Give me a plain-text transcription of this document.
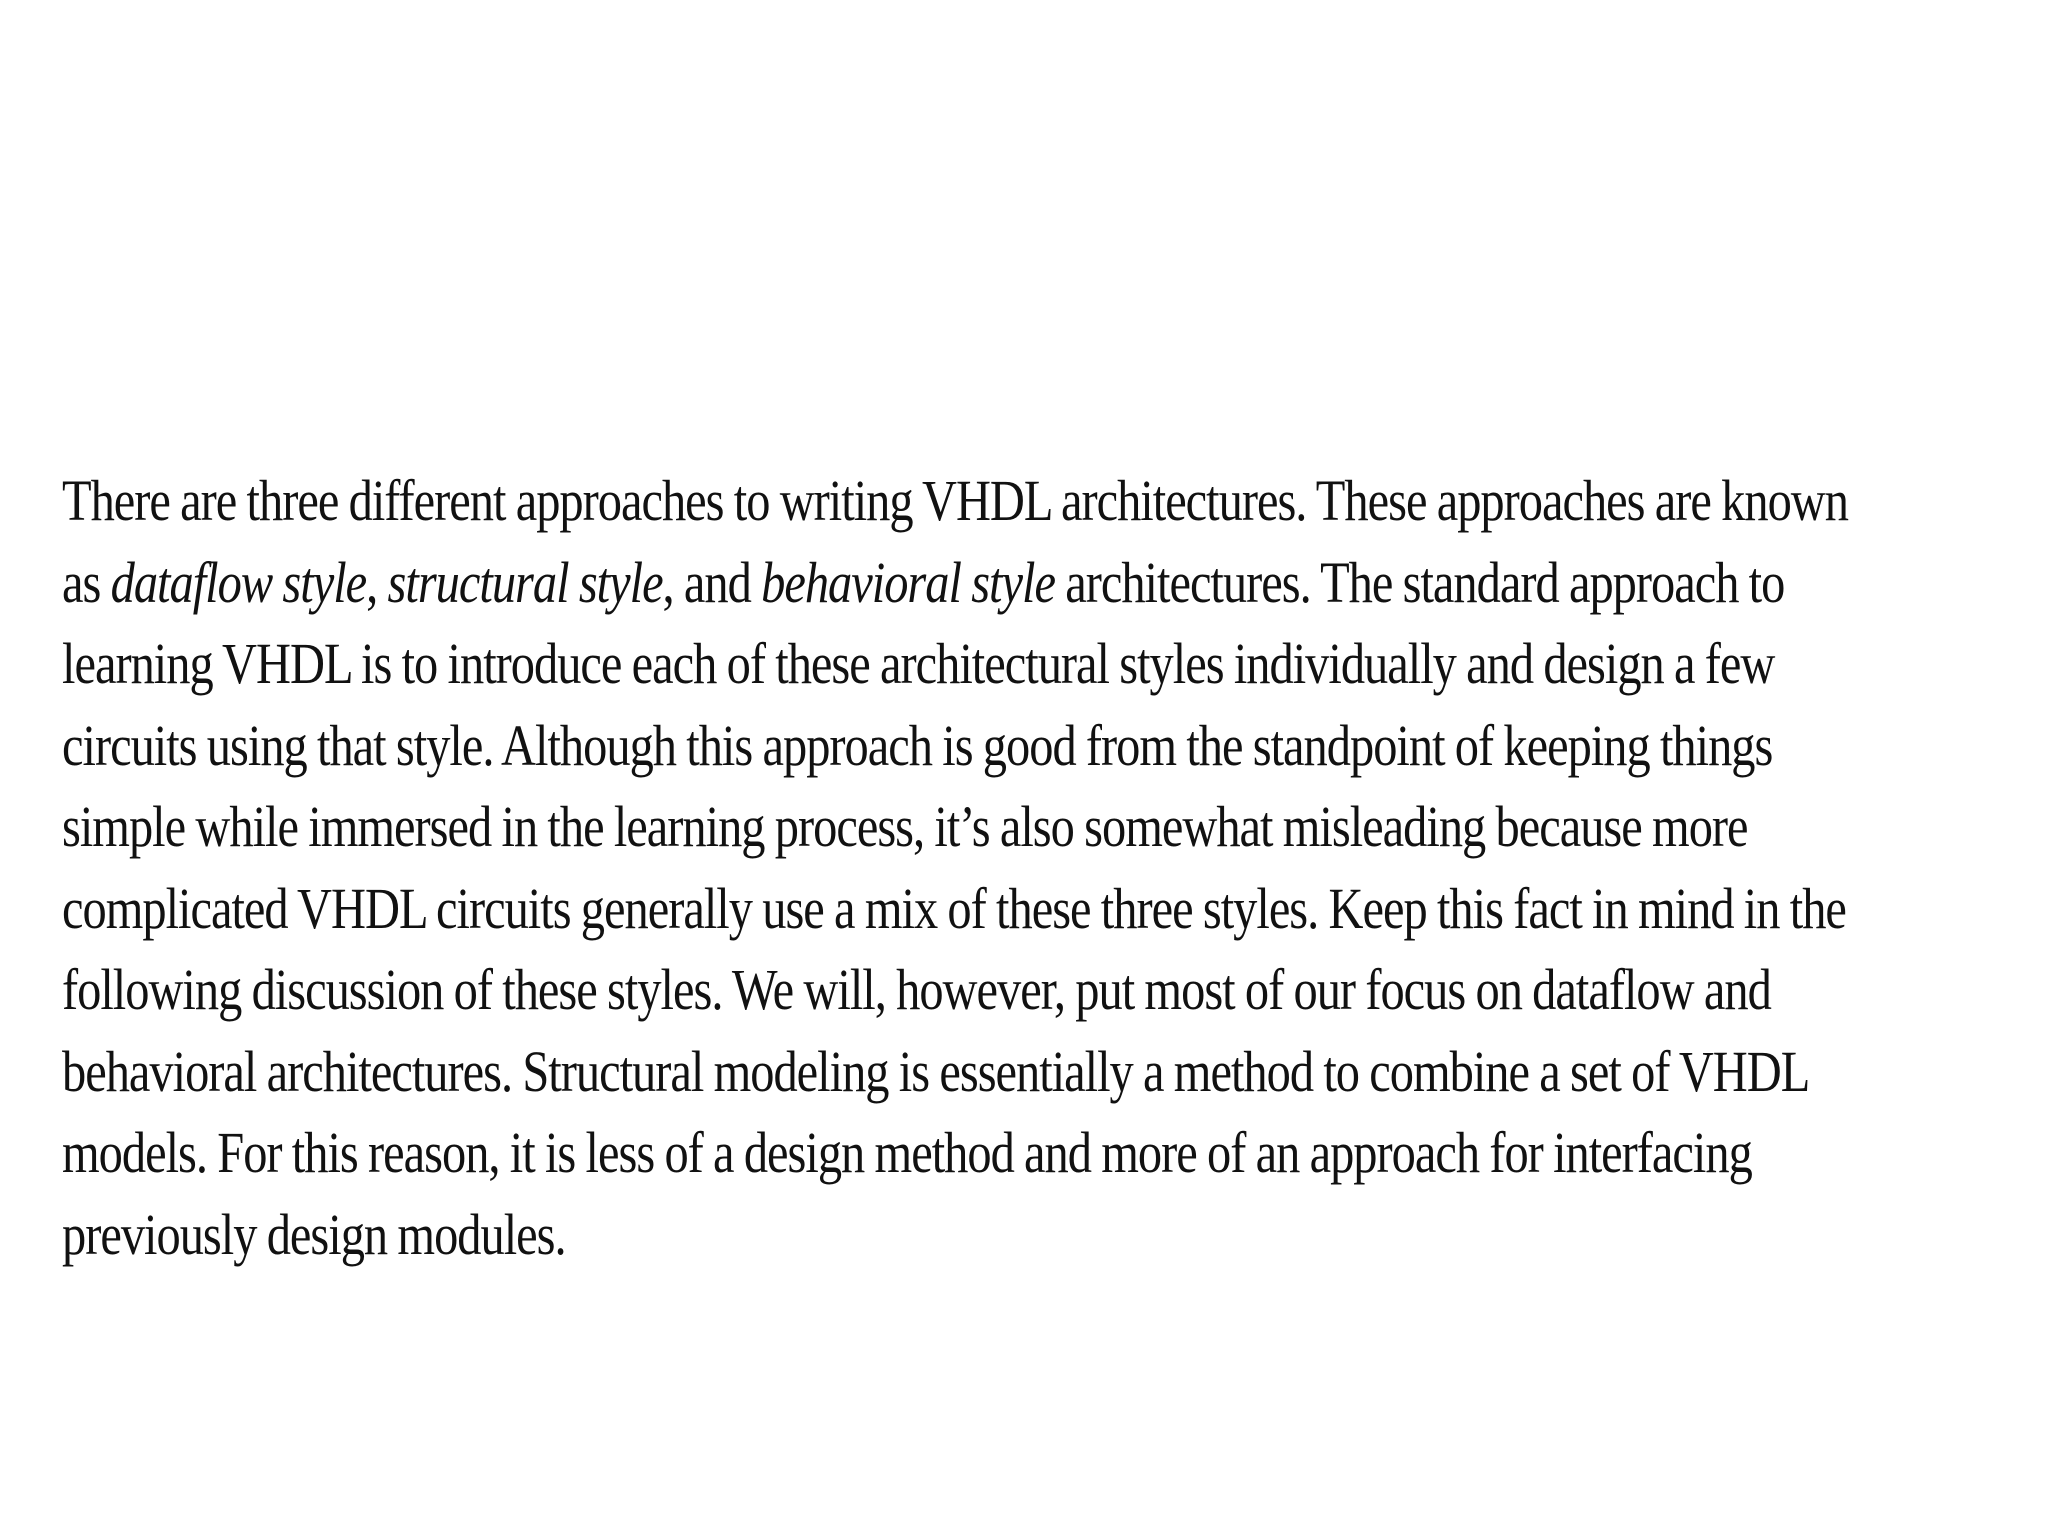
There are three different approaches to writing VHDL architectures. These approaches are known
as dataflow style, structural style, and behavioral style architectures. The standard approach to
learning VHDL is to introduce each of these architectural styles individually and design a few
circuits using that style. Although this approach is good from the standpoint of keeping things
simple while immersed in the learning process, it’s also somewhat misleading because more
complicated VHDL circuits generally use a mix of these three styles. Keep this fact in mind in the
following discussion of these styles. We will, however, put most of our focus on dataflow and
behavioral architectures. Structural modeling is essentially a method to combine a set of VHDL
models. For this reason, it is less of a design method and more of an approach for interfacing
previously design modules.
